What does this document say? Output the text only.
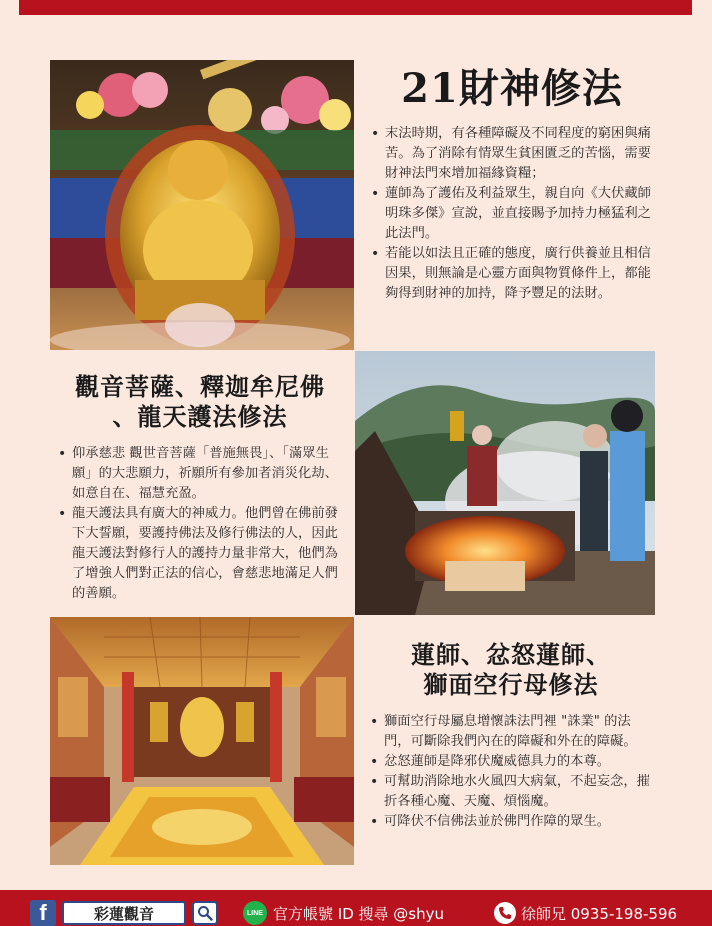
21財神修法
• 末法時期，有各種障礙及不同程度的窮困與痛苦。為了消除有情眾生貧困匱乏的苦惱，需要財神法門來增加福緣資糧；
• 蓮師為了護佑及利益眾生，親自向《大伏藏師明珠多傑》宣說，並直接賜予加持力極猛利之此法門。
• 若能以如法且正確的態度，廣行供養並且相信因果，則無論是心靈方面與物質條件上，都能夠得到財神的加持，降予豐足的法財。
觀音菩薩、釋迦牟尼佛
、龍天護法修法
• 仰承慈悲 觀世音菩薩「普施無畏」、「滿眾生願」的大悲願力，祈願所有參加者消災化劫、如意自在、福慧充盈。
• 龍天護法具有廣大的神威力。他們曾在佛前發下大誓願，要護持佛法及修行佛法的人，因此龍天護法對修行人的護持力量非常大，他們為了增強人們對正法的信心，會慈悲地滿足人們的善願。
蓮師、忿怒蓮師、
獅面空行母修法
• 獅面空行母屬息增懷誅法門裡 "誅業" 的法門，可斷除我們內在的障礙和外在的障礙。
• 忿怒蓮師是降邪伏魔威德具力的本尊。
• 可幫助消除地水火風四大病氣，不起妄念，摧折各種心魔、天魔、煩惱魔。
• 可降伏不信佛法並於佛門作障的眾生。
f	彩蓮觀音	LINE 官方帳號 ID 搜尋 @shyu	徐師兄 0935-198-596
